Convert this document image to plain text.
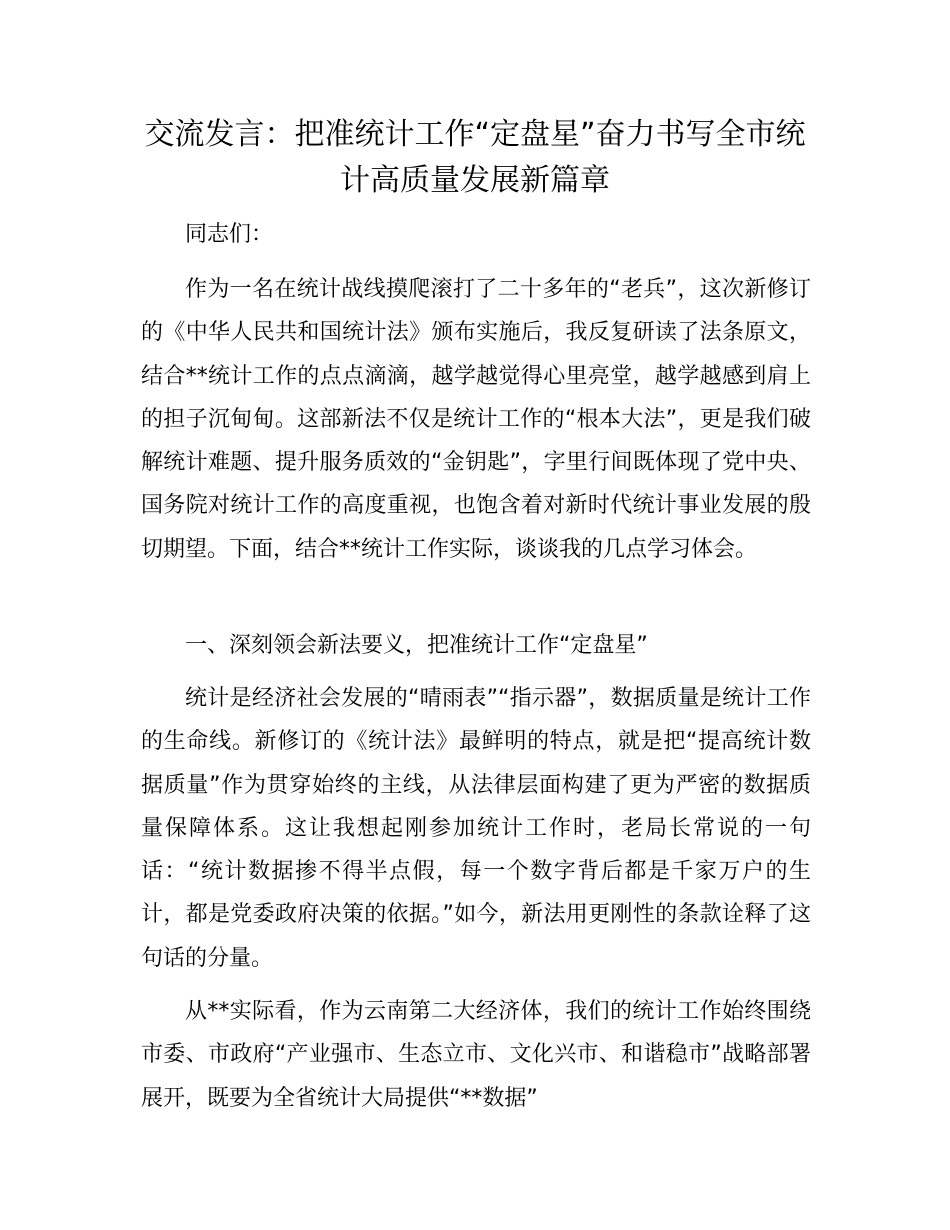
交流发言：把准统计工作“定盘星”奋力书写全市统计高质量发展新篇章

同志们：

作为一名在统计战线摸爬滚打了二十多年的“老兵”，这次新修订的《中华人民共和国统计法》颁布实施后，我反复研读了法条原文，结合**统计工作的点点滴滴，越学越觉得心里亮堂，越学越感到肩上的担子沉甸甸。这部新法不仅是统计工作的“根本大法”，更是我们破解统计难题、提升服务质效的“金钥匙”，字里行间既体现了党中央、国务院对统计工作的高度重视，也饱含着对新时代统计事业发展的殷切期望。下面，结合**统计工作实际，谈谈我的几点学习体会。

一、深刻领会新法要义，把准统计工作“定盘星”

统计是经济社会发展的“晴雨表”“指示器”，数据质量是统计工作的生命线。新修订的《统计法》最鲜明的特点，就是把“提高统计数据质量”作为贯穿始终的主线，从法律层面构建了更为严密的数据质量保障体系。这让我想起刚参加统计工作时，老局长常说的一句话：“统计数据掺不得半点假，每一个数字背后都是千家万户的生计，都是党委政府决策的依据。”如今，新法用更刚性的条款诠释了这句话的分量。

从**实际看，作为云南第二大经济体，我们的统计工作始终围绕市委、市政府“产业强市、生态立市、文化兴市、和谐稳市”战略部署展开，既要为全省统计大局提供“**数据”
